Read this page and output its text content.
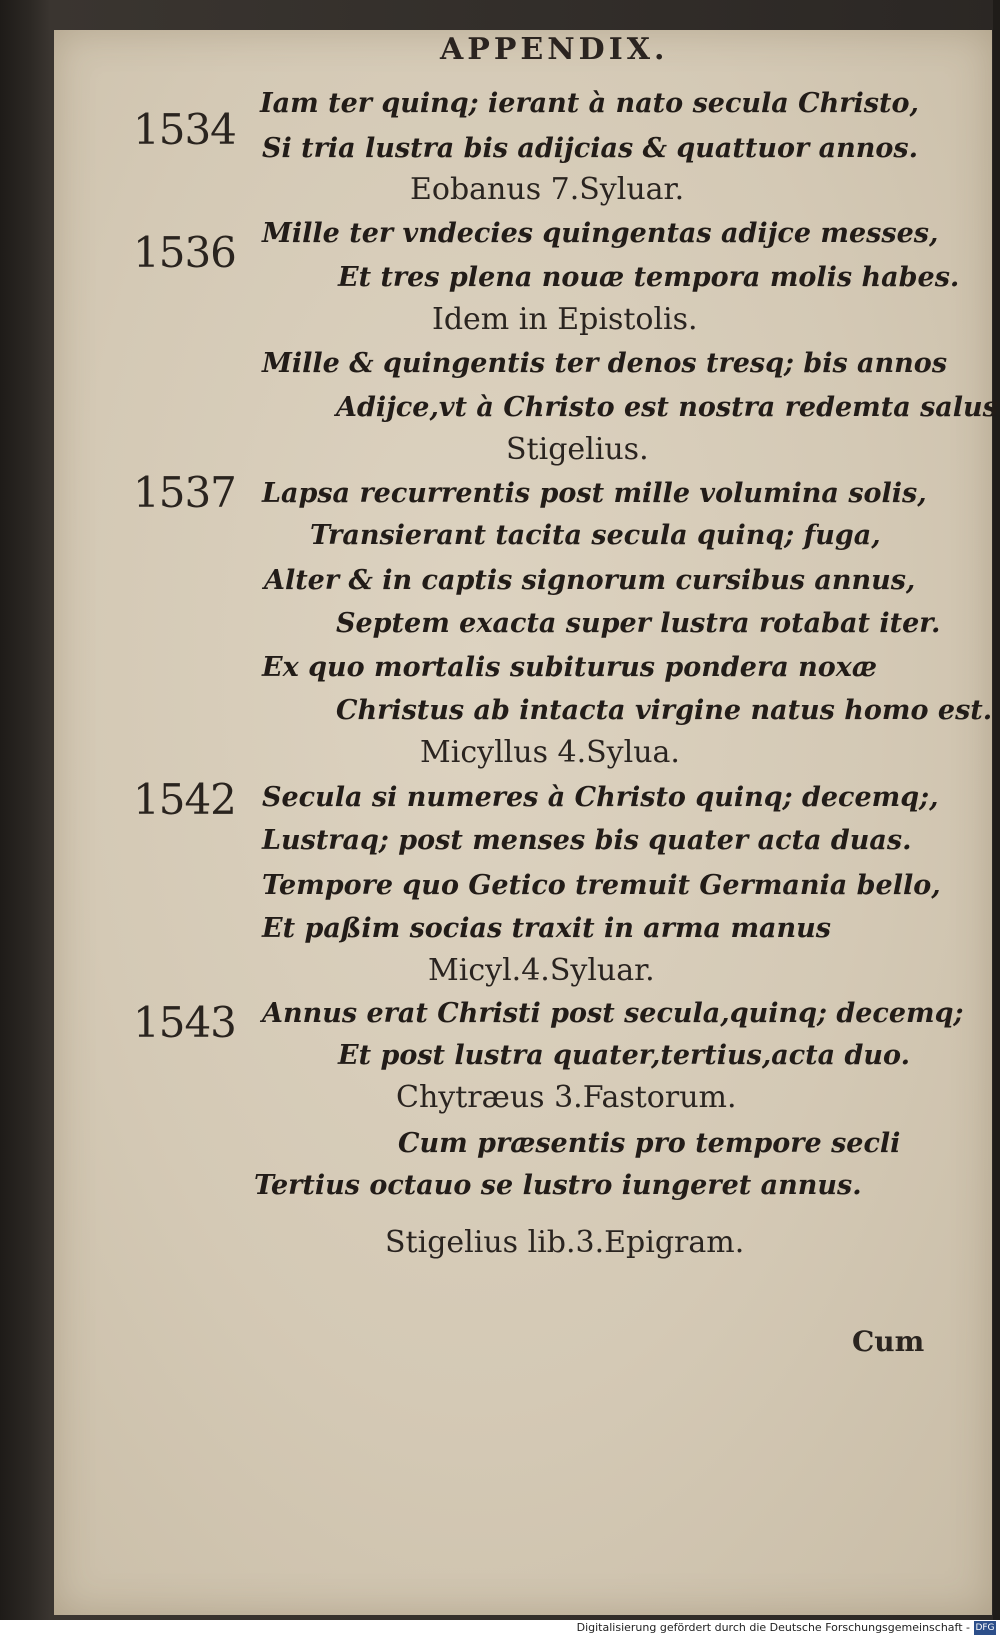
APPENDIX.
1534
1536
1537
1542
1543
Iam ter quinq; ierant à nato secula Christo,
Si tria lustra bis adijcias & quattuor annos.
Eobanus 7.Syluar.
Mille ter vndecies quingentas adijce messes,
Et tres plena nouæ tempora molis habes.
Idem in Epistolis.
Mille & quingentis ter denos tresq; bis annos
Adijce,vt à Christo est nostra redemta salus
Stigelius.
Lapsa recurrentis post mille volumina solis,
Transierant tacita secula quinq; fuga,
Alter & in captis signorum cursibus annus,
Septem exacta super lustra rotabat iter.
Ex quo mortalis subiturus pondera noxæ
Christus ab intacta virgine natus homo est.
Micyllus 4.Sylua.
Secula si numeres à Christo quinq; decemq;,
Lustraq; post menses bis quater acta duas.
Tempore quo Getico tremuit Germania bello,
Et paßim socias traxit in arma manus
Micyl.4.Syluar.
Annus erat Christi post secula,quinq; decemq;
Et post lustra quater,tertius,acta duo.
Chytræus 3.Fastorum.
Cum præsentis pro tempore secli
Tertius octauo se lustro iungeret annus.
Stigelius lib.3.Epigram.
Cum
Digitalisierung gefördert durch die Deutsche Forschungsgemeinschaft - DFG
